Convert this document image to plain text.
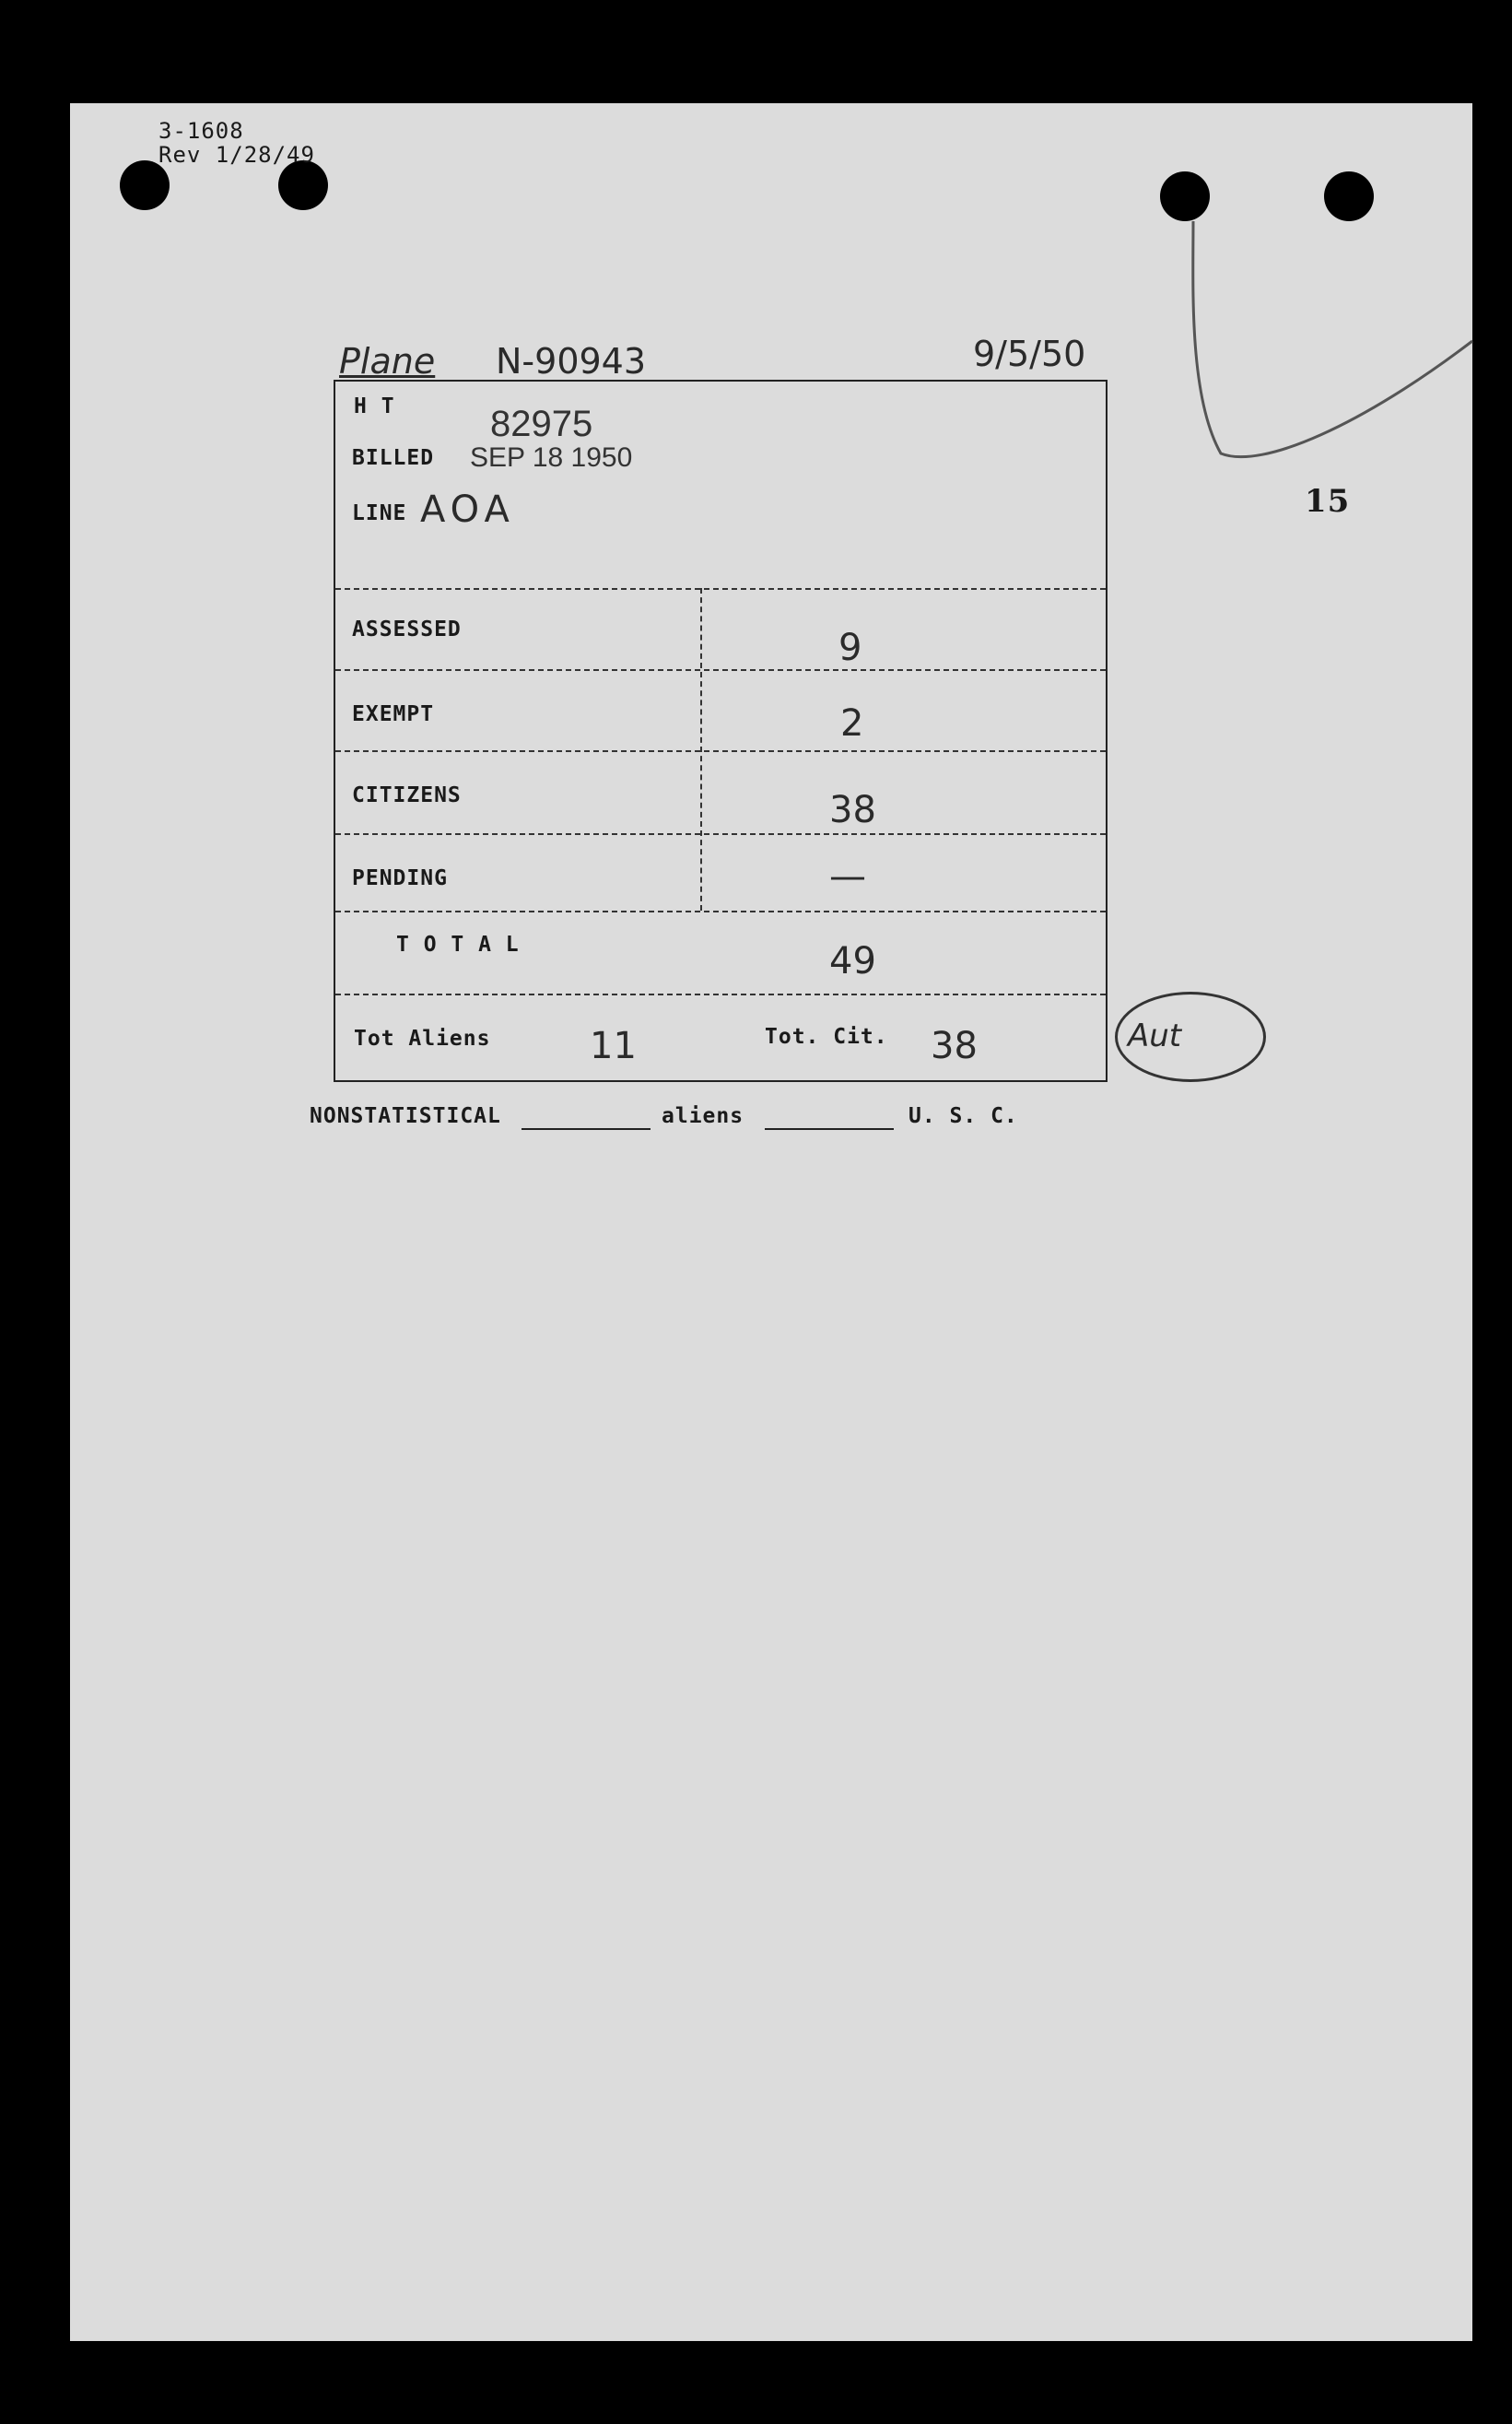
3-1608
Rev 1/28/49
Plane N-90943	9/5/50
15
H T	82975
BILLED SEP 18 1950
LINE AOA
ASSESSED	9
EXEMPT	2
CITIZENS	38
PENDING	—
T O T A L	49
Tot Aliens	11	Tot. Cit. 38	Aut
NONSTATISTICAL	aliens	U. S. C.
